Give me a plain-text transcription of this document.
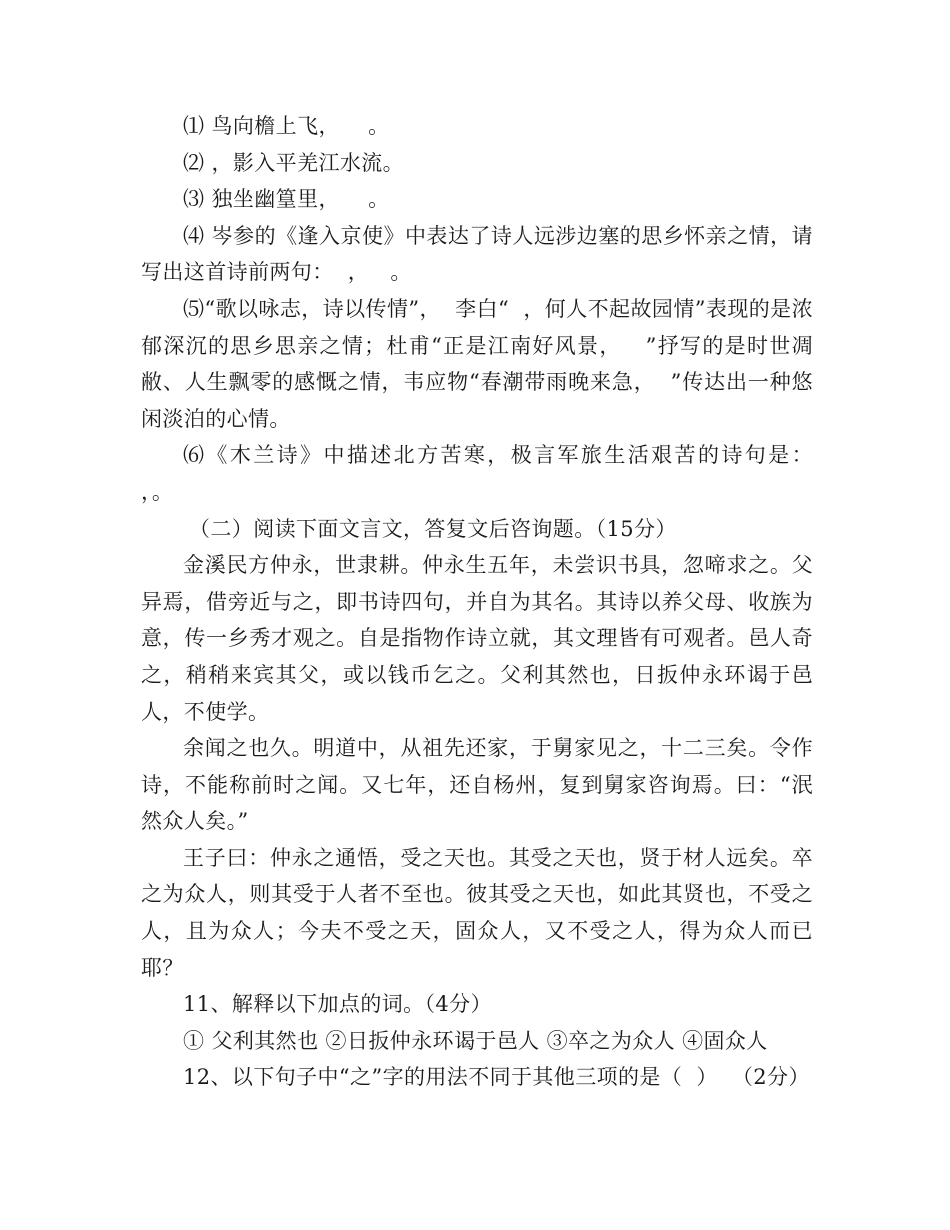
⑴ 鸟向檐上飞，    。

⑵ ，影入平羌江水流。

⑶ 独坐幽篁里，    。

⑷ 岑参的《逢入京使》中表达了诗人远涉边塞的思乡怀亲之情，请写出这首诗前两句：  ，   。

⑸“歌以咏志，诗以传情”，  李白“  ，何人不起故园情”表现的是浓郁深沉的思乡思亲之情；杜甫“正是江南好风景，   ”抒写的是时世凋敝、人生飘零的感慨之情，韦应物“春潮带雨晚来急，  ”传达出一种悠闲淡泊的心情。

⑹《木兰诗》中描述北方苦寒，极言军旅生活艰苦的诗句是：   ，。

（二）阅读下面文言文，答复文后咨询题。（15分）

金溪民方仲永，世隶耕。仲永生五年，未尝识书具，忽啼求之。父异焉，借旁近与之，即书诗四句，并自为其名。其诗以养父母、收族为意，传一乡秀才观之。自是指物作诗立就，其文理皆有可观者。邑人奇之，稍稍来宾其父，或以钱币乞之。父利其然也，日扳仲永环谒于邑人，不使学。

余闻之也久。明道中，从祖先还家，于舅家见之，十二三矣。令作诗，不能称前时之闻。又七年，还自杨州，复到舅家咨询焉。曰：“泯然众人矣。”

王子曰：仲永之通悟，受之天也。其受之天也，贤于材人远矣。卒之为众人，则其受于人者不至也。彼其受之天也，如此其贤也，不受之人，且为众人；今夫不受之天，固众人，又不受之人，得为众人而已耶？

11、解释以下加点的词。（4分）

① 父利其然也 ②日扳仲永环谒于邑人 ③卒之为众人 ④固众人

12、以下句子中“之”字的用法不同于其他三项的是（  ）  （2分）
